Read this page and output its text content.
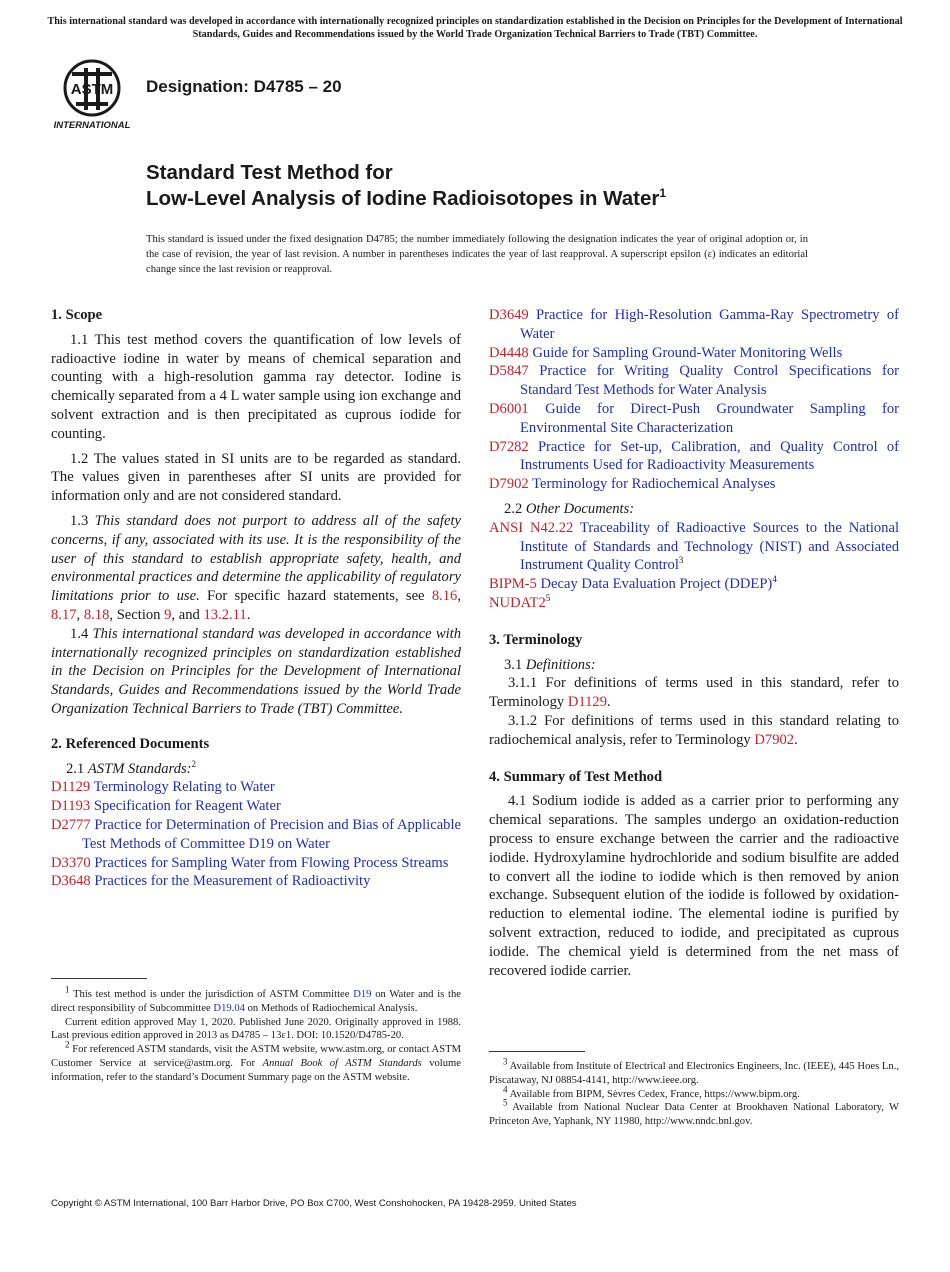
This international standard was developed in accordance with internationally recognized principles on standardization established in the Decision on Principles for the Development of International Standards, Guides and Recommendations issued by the World Trade Organization Technical Barriers to Trade (TBT) Committee.
ASTM
INTERNATIONAL
Designation: D4785 – 20
Standard Test Method for
Low-Level Analysis of Iodine Radioisotopes in Water$^1$
This standard is issued under the fixed designation D4785; the number immediately following the designation indicates the year of original adoption or, in the case of revision, the year of last revision. A number in parentheses indicates the year of last reapproval. A superscript epsilon (ε) indicates an editorial change since the last revision or reapproval.
1. Scope
1.1 This test method covers the quantification of low levels of radioactive iodine in water by means of chemical separation and counting with a high-resolution gamma ray detector. Iodine is chemically separated from a 4 L water sample using ion exchange and solvent extraction and is then precipitated as cuprous iodide for counting.
1.2 The values stated in SI units are to be regarded as standard. The values given in parentheses after SI units are provided for information only and are not considered standard.
1.3 This standard does not purport to address all of the safety concerns, if any, associated with its use. It is the responsibility of the user of this standard to establish appropriate safety, health, and environmental practices and determine the applicability of regulatory limitations prior to use. For specific hazard statements, see 8.16, 8.17, 8.18, Section 9, and 13.2.11.
1.4 This international standard was developed in accordance with internationally recognized principles on standardization established in the Decision on Principles for the Development of International Standards, Guides and Recommendations issued by the World Trade Organization Technical Barriers to Trade (TBT) Committee.
2. Referenced Documents
2.1 ASTM Standards:$^2$
D1129 Terminology Relating to Water
D1193 Specification for Reagent Water
D2777 Practice for Determination of Precision and Bias of Applicable Test Methods of Committee D19 on Water
D3370 Practices for Sampling Water from Flowing Process Streams
D3648 Practices for the Measurement of Radioactivity

$^1$ This test method is under the jurisdiction of ASTM Committee D19 on Water and is the direct responsibility of Subcommittee D19.04 on Methods of Radiochemical Analysis.

Current edition approved May 1, 2020. Published June 2020. Originally approved in 1988. Last previous edition approved in 2013 as D4785 – 13ε1. DOI: 10.1520/D4785-20.

$^2$ For referenced ASTM standards, visit the ASTM website, www.astm.org, or contact ASTM Customer Service at service@astm.org. For Annual Book of ASTM Standards volume information, refer to the standard’s Document Summary page on the ASTM website.

D3649 Practice for High-Resolution Gamma-Ray Spectrometry of Water
D4448 Guide for Sampling Ground-Water Monitoring Wells
D5847 Practice for Writing Quality Control Specifications for Standard Test Methods for Water Analysis
D6001 Guide for Direct-Push Groundwater Sampling for Environmental Site Characterization
D7282 Practice for Set-up, Calibration, and Quality Control of Instruments Used for Radioactivity Measurements
D7902 Terminology for Radiochemical Analyses
2.2 Other Documents:
ANSI N42.22 Traceability of Radioactive Sources to the National Institute of Standards and Technology (NIST) and Associated Instrument Quality Control$^3$
BIPM-5 Decay Data Evaluation Project (DDEP)$^4$
$NUDAT2^5$
3. Terminology
3.1 Definitions:
3.1.1 For definitions of terms used in this standard, refer to Terminology D1129.
3.1.2 For definitions of terms used in this standard relating to radiochemical analysis, refer to Terminology D7902.
4. Summary of Test Method
4.1 Sodium iodide is added as a carrier prior to performing any chemical separations. The samples undergo an oxidation-reduction process to ensure exchange between the carrier and the radioactive iodide. Hydroxylamine hydrochloride and sodium bisulfite are added to convert all the iodine to iodide which is then removed by anion exchange. Subsequent elution of the iodide is followed by oxidation-reduction to elemental iodine. The elemental iodine is purified by solvent extraction, reduced to iodide, and precipitated as cuprous iodide. The chemical yield is determined from the net mass of recovered iodide carrier.

$^3$ Available from Institute of Electrical and Electronics Engineers, Inc. (IEEE), 445 Hoes Ln., Piscataway, NJ 08854-4141, http://www.ieee.org.

$^4$ Available from BIPM, Sèvres Cedex, France, https://www.bipm.org.

$^5$ Available from National Nuclear Data Center at Brookhaven National Laboratory, W Princeton Ave, Yaphank, NY 11980, http://www.nndc.bnl.gov.

Copyright © ASTM International, 100 Barr Harbor Drive, PO Box C700, West Conshohocken, PA 19428-2959. United States
